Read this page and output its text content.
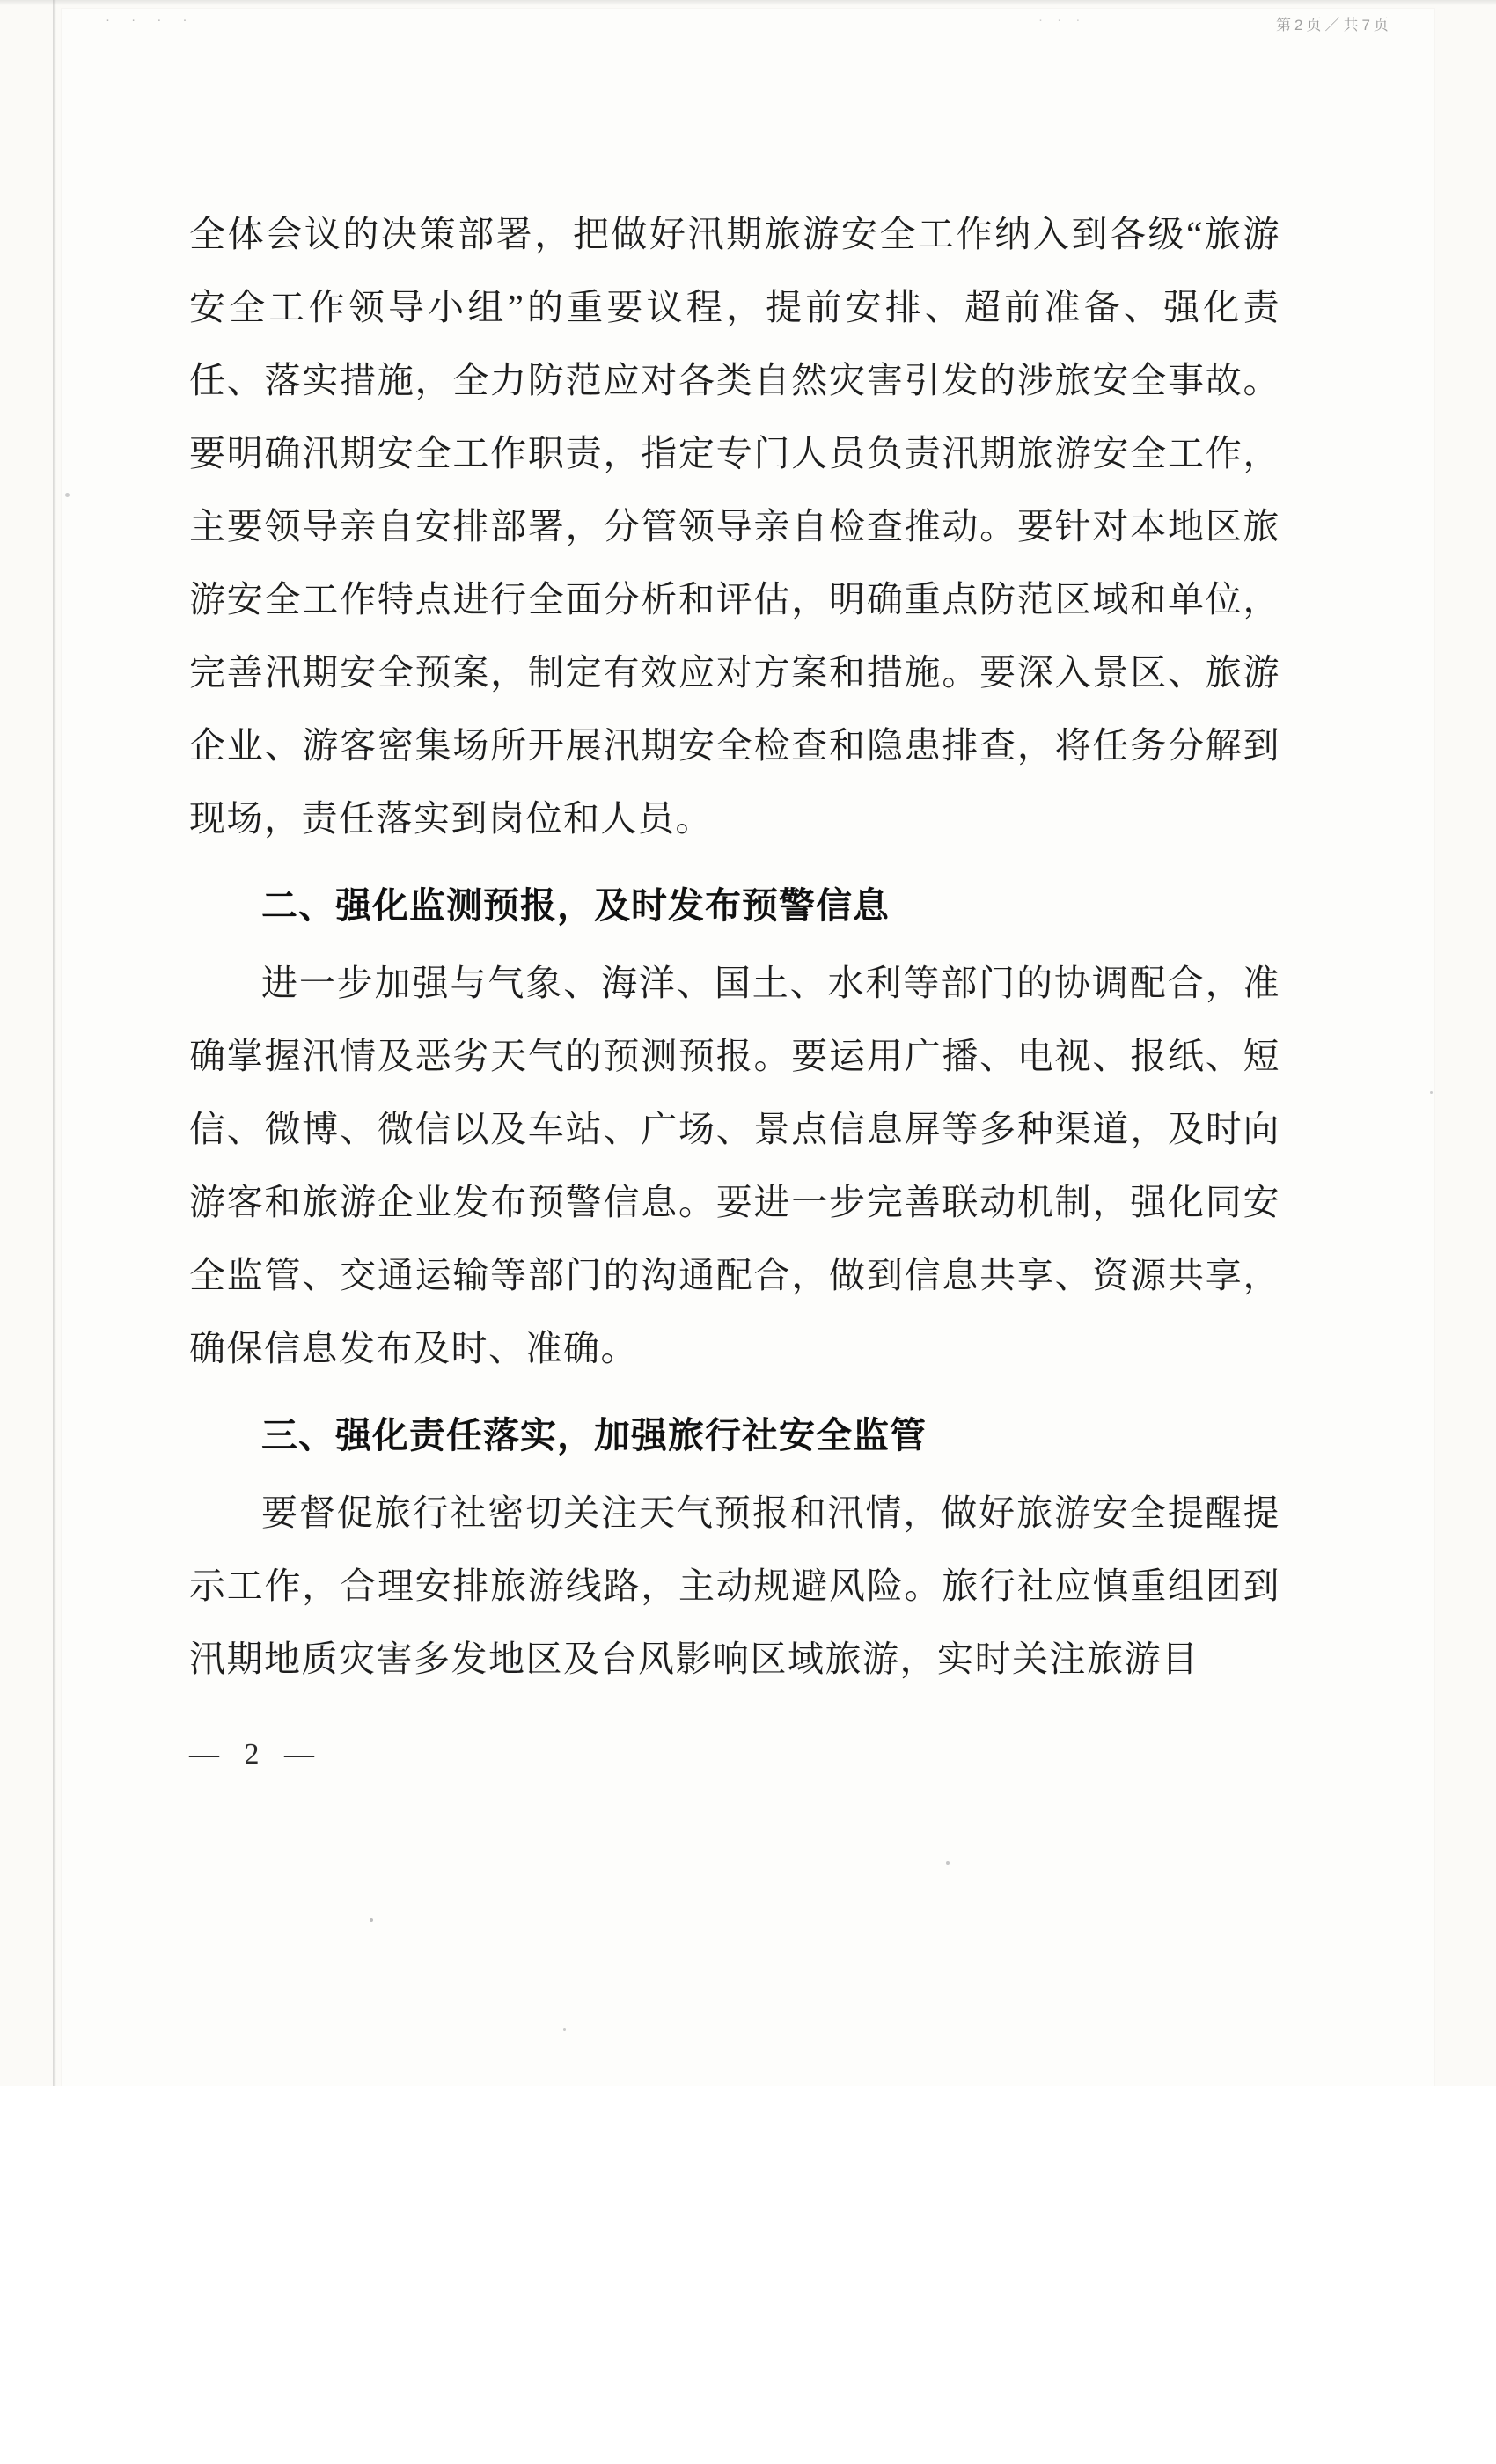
· · · ·	· · ·	第2页／共7页

全体会议的决策部署，把做好汛期旅游安全工作纳入到各级“旅游安全工作领导小组”的重要议程，提前安排、超前准备、强化责任、落实措施，全力防范应对各类自然灾害引发的涉旅安全事故。要明确汛期安全工作职责，指定专门人员负责汛期旅游安全工作，主要领导亲自安排部署，分管领导亲自检查推动。要针对本地区旅游安全工作特点进行全面分析和评估，明确重点防范区域和单位，完善汛期安全预案，制定有效应对方案和措施。要深入景区、旅游企业、游客密集场所开展汛期安全检查和隐患排查，将任务分解到现场，责任落实到岗位和人员。

二、强化监测预报，及时发布预警信息

进一步加强与气象、海洋、国土、水利等部门的协调配合，准确掌握汛情及恶劣天气的预测预报。要运用广播、电视、报纸、短信、微博、微信以及车站、广场、景点信息屏等多种渠道，及时向游客和旅游企业发布预警信息。要进一步完善联动机制，强化同安全监管、交通运输等部门的沟通配合，做到信息共享、资源共享，确保信息发布及时、准确。

三、强化责任落实，加强旅行社安全监管

要督促旅行社密切关注天气预报和汛情，做好旅游安全提醒提示工作，合理安排旅游线路，主动规避风险。旅行社应慎重组团到汛期地质灾害多发地区及台风影响区域旅游，实时关注旅游目

— 2 —
